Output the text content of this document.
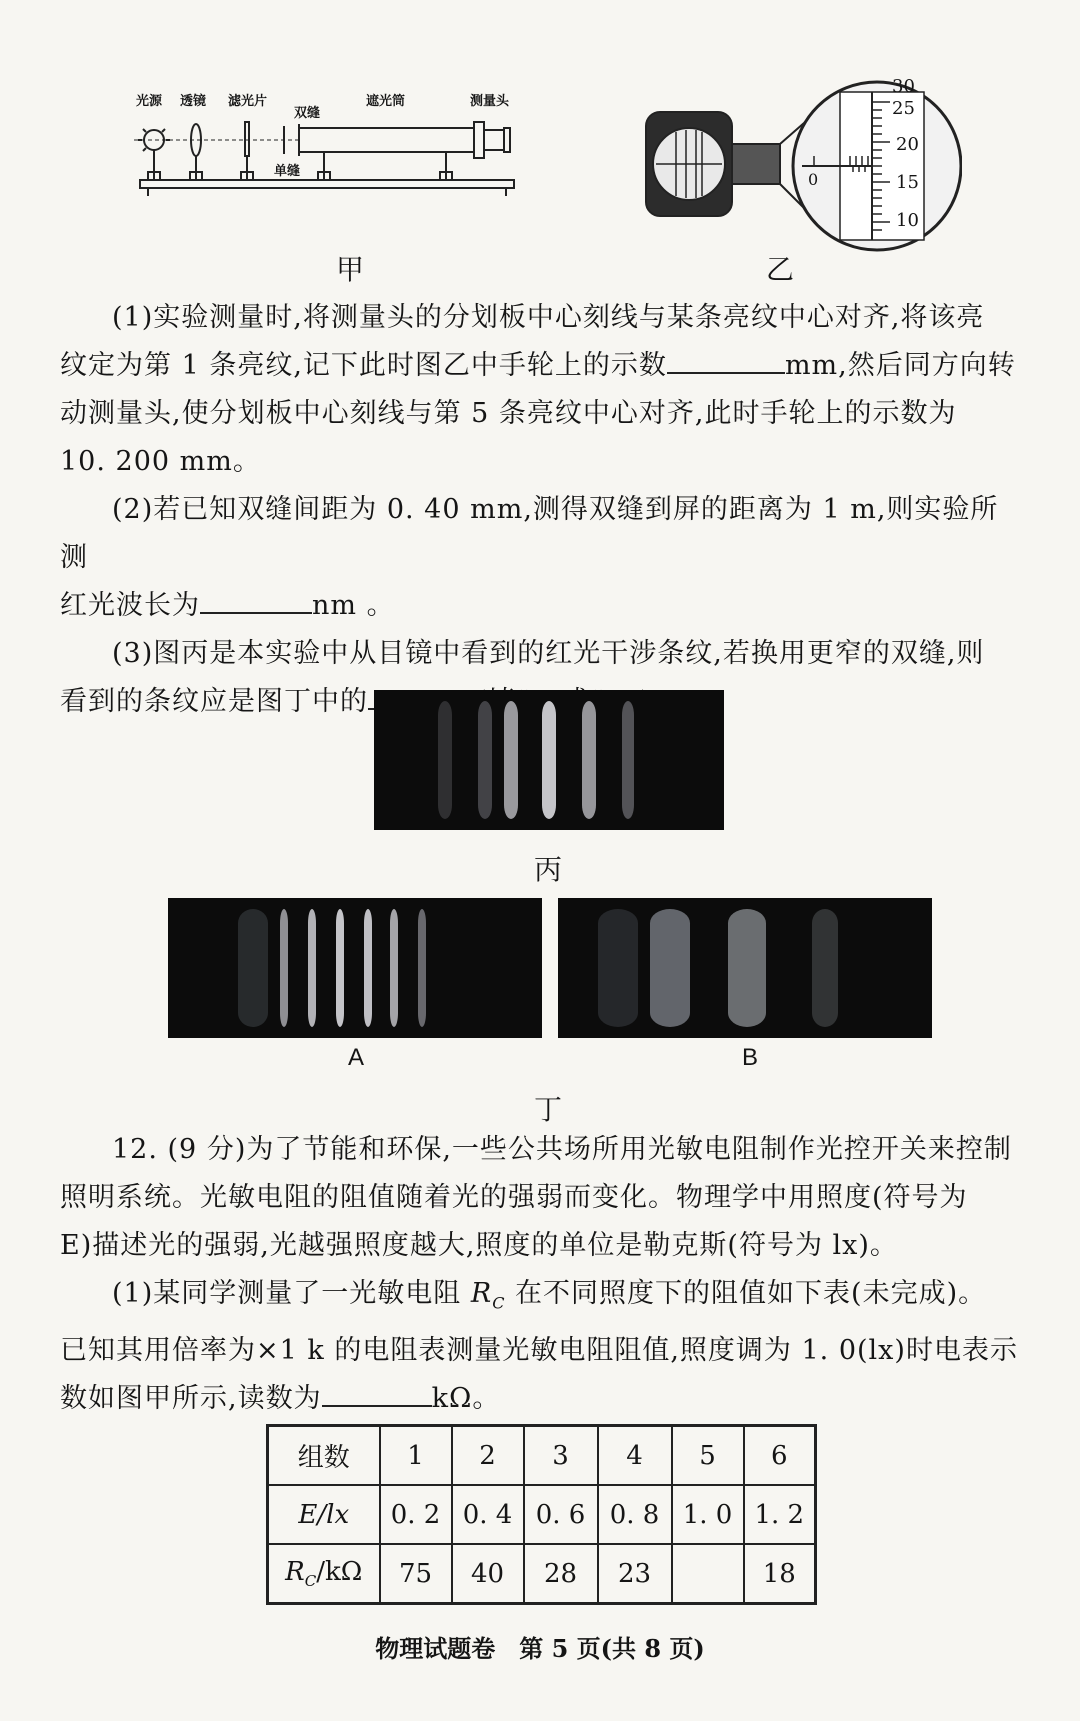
光源 透镜 滤光片
双缝
遮光筒	测量头
单缝
甲
30
25
20
15
10
0
乙
(1)实验测量时,将测量头的分划板中心刻线与某条亮纹中心对齐,将该亮
纹定为第 1 条亮纹,记下此时图乙中手轮上的示数	mm,然后同方向转
动测量头,使分划板中心刻线与第 5 条亮纹中心对齐,此时手轮上的示数为
10. 200 mm。
(2)若已知双缝间距为 0. 40 mm,测得双缝到屏的距离为 1 m,则实验所测
红光波长为	nm 。
(3)图丙是本实验中从目镜中看到的红光干涉条纹,若换用更窄的双缝,则
看到的条纹应是图丁中的
丙
A	B
丁
12. (9 分)为了节能和环保,一些公共场所用光敏电阻制作光控开关来控制
照明系统。光敏电阻的阻值随着光的强弱而变化。物理学中用照度(符号为
E)描述光的强弱,光越强照度越大,照度的单位是勒克斯(符号为 lx)。
(1)某同学测量了一光敏电阻 $R_C$ 在不同照度下的阻值如下表(未完成)。
已知其用倍率为×1 k 的电阻表测量光敏电阻阻值,照度调为 1. 0(lx)时电表示
数如图甲所示,读数为	kΩ。
组数	1	2	3	4	5	6
E/lx	0. 2	0. 4	0. 6	0. 8	1. 0	1. 2
$R_C/k\Omega$	75	40	28	23		18
物理试题卷　第 5 页(共 8 页)
